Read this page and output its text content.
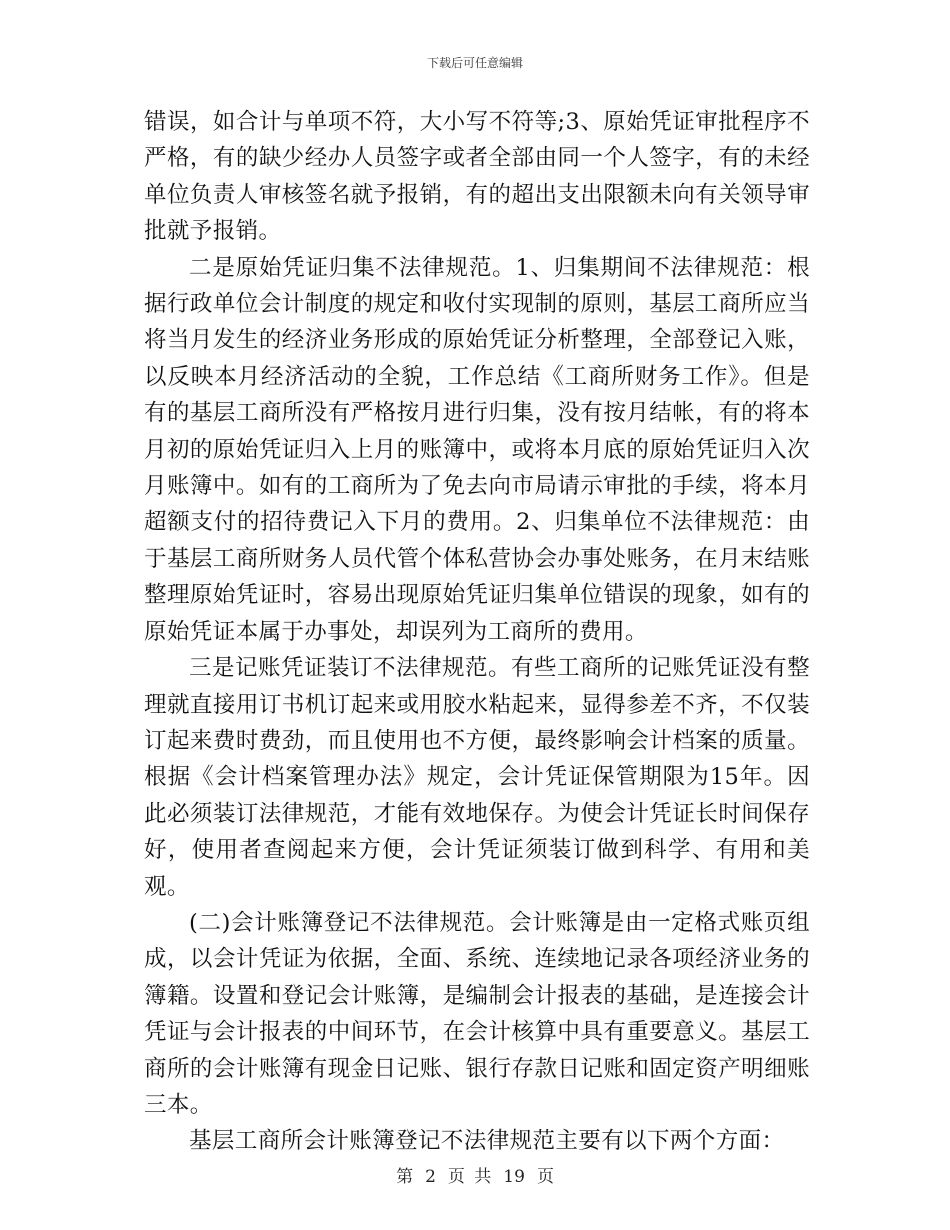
下载后可任意编辑

错误，如合计与单项不符，大小写不符等;3、原始凭证审批程序不严格，有的缺少经办人员签字或者全部由同一个人签字，有的未经单位负责人审核签名就予报销，有的超出支出限额未向有关领导审批就予报销。

二是原始凭证归集不法律规范。1、归集期间不法律规范：根据行政单位会计制度的规定和收付实现制的原则，基层工商所应当将当月发生的经济业务形成的原始凭证分析整理，全部登记入账，以反映本月经济活动的全貌，工作总结《工商所财务工作》。但是有的基层工商所没有严格按月进行归集，没有按月结帐，有的将本月初的原始凭证归入上月的账簿中，或将本月底的原始凭证归入次月账簿中。如有的工商所为了免去向市局请示审批的手续，将本月超额支付的招待费记入下月的费用。2、归集单位不法律规范：由于基层工商所财务人员代管个体私营协会办事处账务，在月末结账整理原始凭证时，容易出现原始凭证归集单位错误的现象，如有的原始凭证本属于办事处，却误列为工商所的费用。

三是记账凭证装订不法律规范。有些工商所的记账凭证没有整理就直接用订书机订起来或用胶水粘起来，显得参差不齐，不仅装订起来费时费劲，而且使用也不方便，最终影响会计档案的质量。根据《会计档案管理办法》规定，会计凭证保管期限为15年。因此必须装订法律规范，才能有效地保存。为使会计凭证长时间保存好，使用者查阅起来方便，会计凭证须装订做到科学、有用和美观。

(二)会计账簿登记不法律规范。会计账簿是由一定格式账页组成，以会计凭证为依据，全面、系统、连续地记录各项经济业务的簿籍。设置和登记会计账簿，是编制会计报表的基础，是连接会计凭证与会计报表的中间环节，在会计核算中具有重要意义。基层工商所的会计账簿有现金日记账、银行存款日记账和固定资产明细账三本。

基层工商所会计账簿登记不法律规范主要有以下两个方面：

第 2 页 共 19 页
